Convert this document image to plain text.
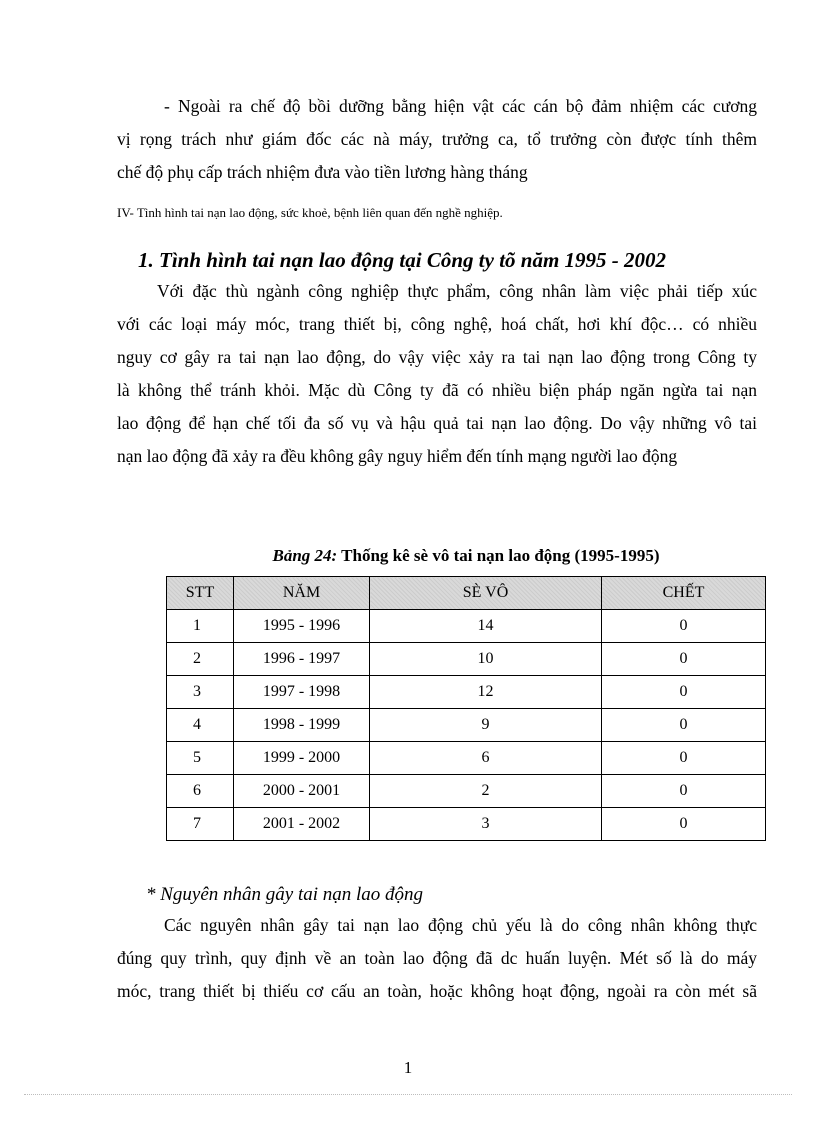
- Ngoài ra chế độ bồi dưỡng bằng hiện vật các cán bộ đảm nhiệm các cương
vị rọng trách như giám đốc các nà máy, trưởng ca, tổ trưởng còn được tính thêm
chế độ phụ cấp trách nhiệm đưa vào tiền lương hàng tháng

IV- Tình hình tai nạn lao động, sức khoẻ, bệnh liên quan đến nghề nghiệp.

1. Tình hình tai nạn lao động tại Công ty tõ năm 1995 - 2002

Với đặc thù ngành công nghiệp thực phẩm, công nhân làm việc phải tiếp xúc
với các loại máy móc, trang thiết bị, công nghệ, hoá chất, hơi khí độc… có nhiều
nguy cơ gây ra tai nạn lao động, do vậy việc xảy ra tai nạn lao động trong Công ty
là không thể tránh khỏi. Mặc dù Công ty đã có nhiều biện pháp ngăn ngừa tai nạn
lao động để hạn chế tối đa số vụ và hậu quả tai nạn lao động. Do vậy những vô tai
nạn lao động đã xảy ra đều không gây nguy hiểm đến tính mạng người lao động

Bảng 24: Thống kê sè vô tai nạn lao động (1995-1995)

STT	NĂM	SÈ VÔ	CHẾT
1	1995 - 1996	14	0
2	1996 - 1997	10	0
3	1997 - 1998	12	0
4	1998 - 1999	9	0
5	1999 - 2000	6	0
6	2000 - 2001	2	0
7	2001 - 2002	3	0

* Nguyên nhân gây tai nạn lao động

Các nguyên nhân gây tai nạn lao động chủ yếu là do công nhân không thực
đúng quy trình, quy định về an toàn lao động đã dc huấn luyện. Mét số là do máy
móc, trang thiết bị thiếu cơ cấu an toàn, hoặc không hoạt động, ngoài ra còn mét sã

1
